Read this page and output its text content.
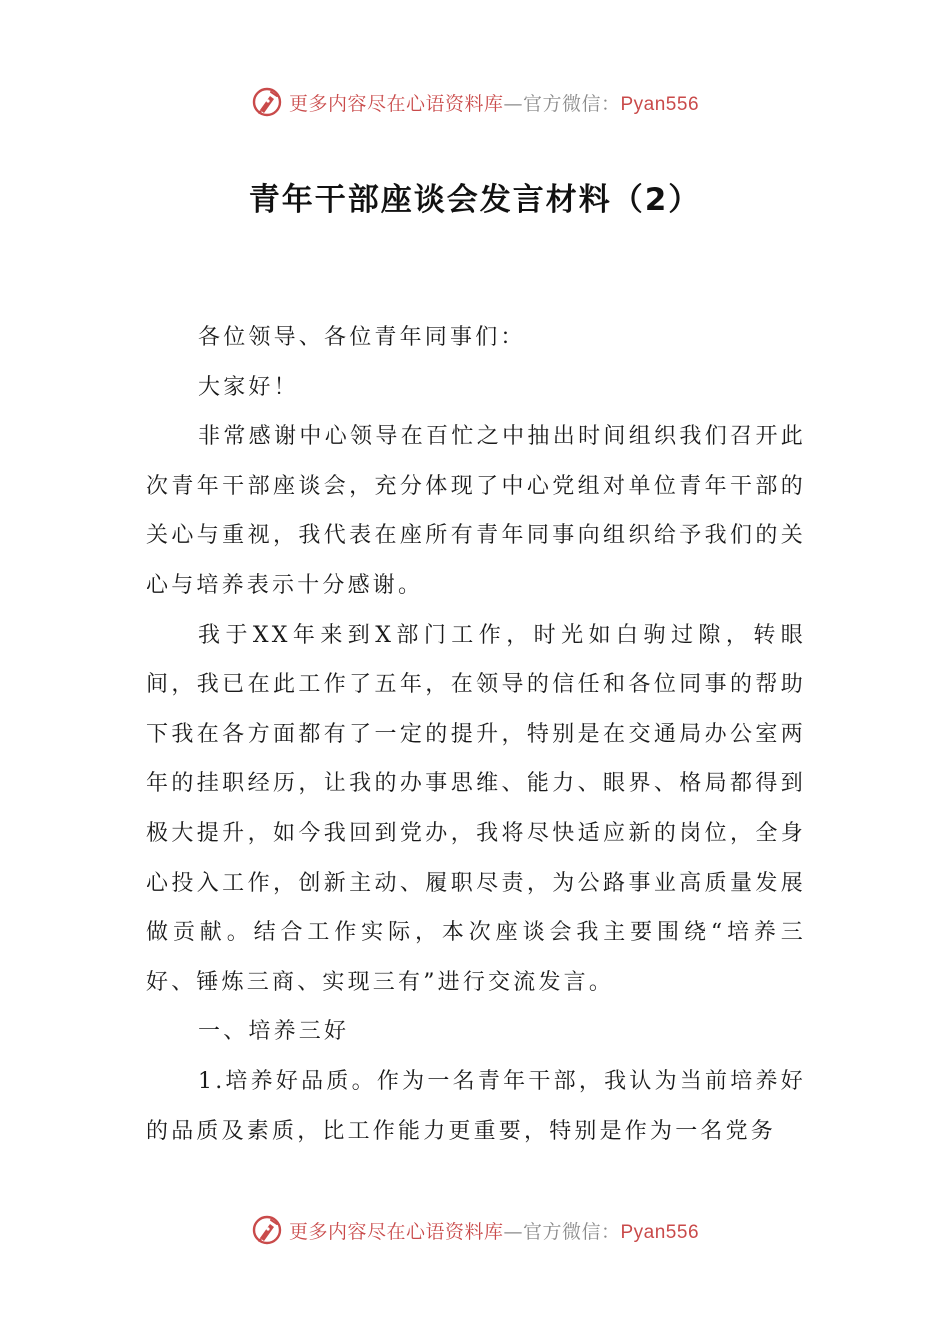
更多内容尽在心语资料库—官方微信：Pyan556
青年干部座谈会发言材料（2）

各位领导、各位青年同事们：

大家好！

非常感谢中心领导在百忙之中抽出时间组织我们召开此次青年干部座谈会，充分体现了中心党组对单位青年干部的关心与重视，我代表在座所有青年同事向组织给予我们的关心与培养表示十分感谢。

我于XX年来到X部门工作，时光如白驹过隙，转眼间，我已在此工作了五年，在领导的信任和各位同事的帮助下我在各方面都有了一定的提升，特别是在交通局办公室两年的挂职经历，让我的办事思维、能力、眼界、格局都得到极大提升，如今我回到党办，我将尽快适应新的岗位，全身心投入工作，创新主动、履职尽责，为公路事业高质量发展做贡献。结合工作实际，本次座谈会我主要围绕“培养三好、锤炼三商、实现三有”进行交流发言。

一、培养三好

1.培养好品质。作为一名青年干部，我认为当前培养好的品质及素质，比工作能力更重要，特别是作为一名党务

更多内容尽在心语资料库—官方微信：Pyan556
